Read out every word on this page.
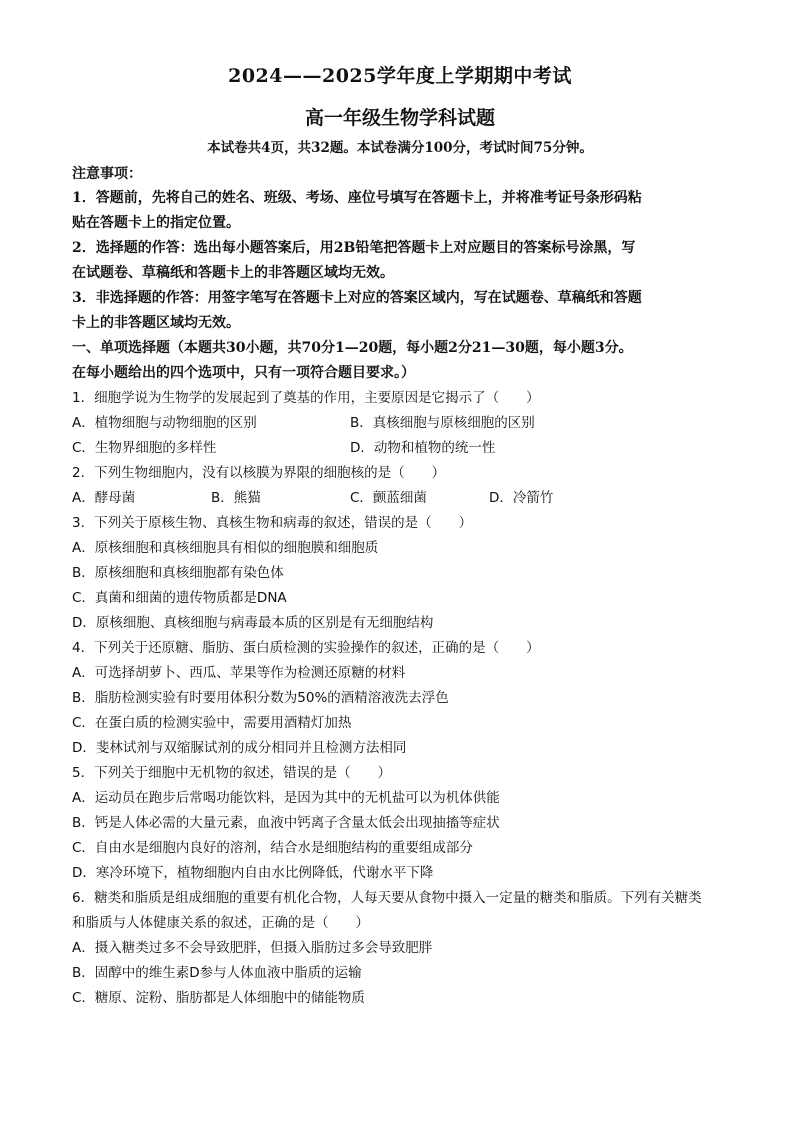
2024——2025学年度上学期期中考试
高一年级生物学科试题
本试卷共4页，共32题。本试卷满分100分，考试时间75分钟。
注意事项：
1．答题前，先将自己的姓名、班级、考场、座位号填写在答题卡上，并将准考证号条形码粘
贴在答题卡上的指定位置。
2．选择题的作答：选出每小题答案后，用2B铅笔把答题卡上对应题目的答案标号涂黑，写
在试题卷、草稿纸和答题卡上的非答题区域均无效。
3．非选择题的作答：用签字笔写在答题卡上对应的答案区域内，写在试题卷、草稿纸和答题
卡上的非答题区域均无效。
一、单项选择题（本题共30小题，共70分1—20题，每小题2分21—30题，每小题3分。
在每小题给出的四个选项中，只有一项符合题目要求。）
1．细胞学说为生物学的发展起到了奠基的作用，主要原因是它揭示了（　　）
A．植物细胞与动物细胞的区别	B．真核细胞与原核细胞的区别
C．生物界细胞的多样性	D．动物和植物的统一性
2．下列生物细胞内，没有以核膜为界限的细胞核的是（　　）
A．酵母菌	B．熊猫	C．颤蓝细菌	D．冷箭竹
3．下列关于原核生物、真核生物和病毒的叙述，错误的是（　　）
A．原核细胞和真核细胞具有相似的细胞膜和细胞质
B．原核细胞和真核细胞都有染色体
C．真菌和细菌的遗传物质都是DNA
D．原核细胞、真核细胞与病毒最本质的区别是有无细胞结构
4．下列关于还原糖、脂肪、蛋白质检测的实验操作的叙述，正确的是（　　）
A．可选择胡萝卜、西瓜、苹果等作为检测还原糖的材料
B．脂肪检测实验有时要用体积分数为50%的酒精溶液洗去浮色
C．在蛋白质的检测实验中，需要用酒精灯加热
D．斐林试剂与双缩脲试剂的成分相同并且检测方法相同
5．下列关于细胞中无机物的叙述，错误的是（　　）
A．运动员在跑步后常喝功能饮料，是因为其中的无机盐可以为机体供能
B．钙是人体必需的大量元素，血液中钙离子含量太低会出现抽搐等症状
C．自由水是细胞内良好的溶剂，结合水是细胞结构的重要组成部分
D．寒冷环境下，植物细胞内自由水比例降低，代谢水平下降
6．糖类和脂质是组成细胞的重要有机化合物，人每天要从食物中摄入一定量的糖类和脂质。下列有关糖类
和脂质与人体健康关系的叙述，正确的是（　　）
A．摄入糖类过多不会导致肥胖，但摄入脂肪过多会导致肥胖
B．固醇中的维生素D参与人体血液中脂质的运输
C．糖原、淀粉、脂肪都是人体细胞中的储能物质
